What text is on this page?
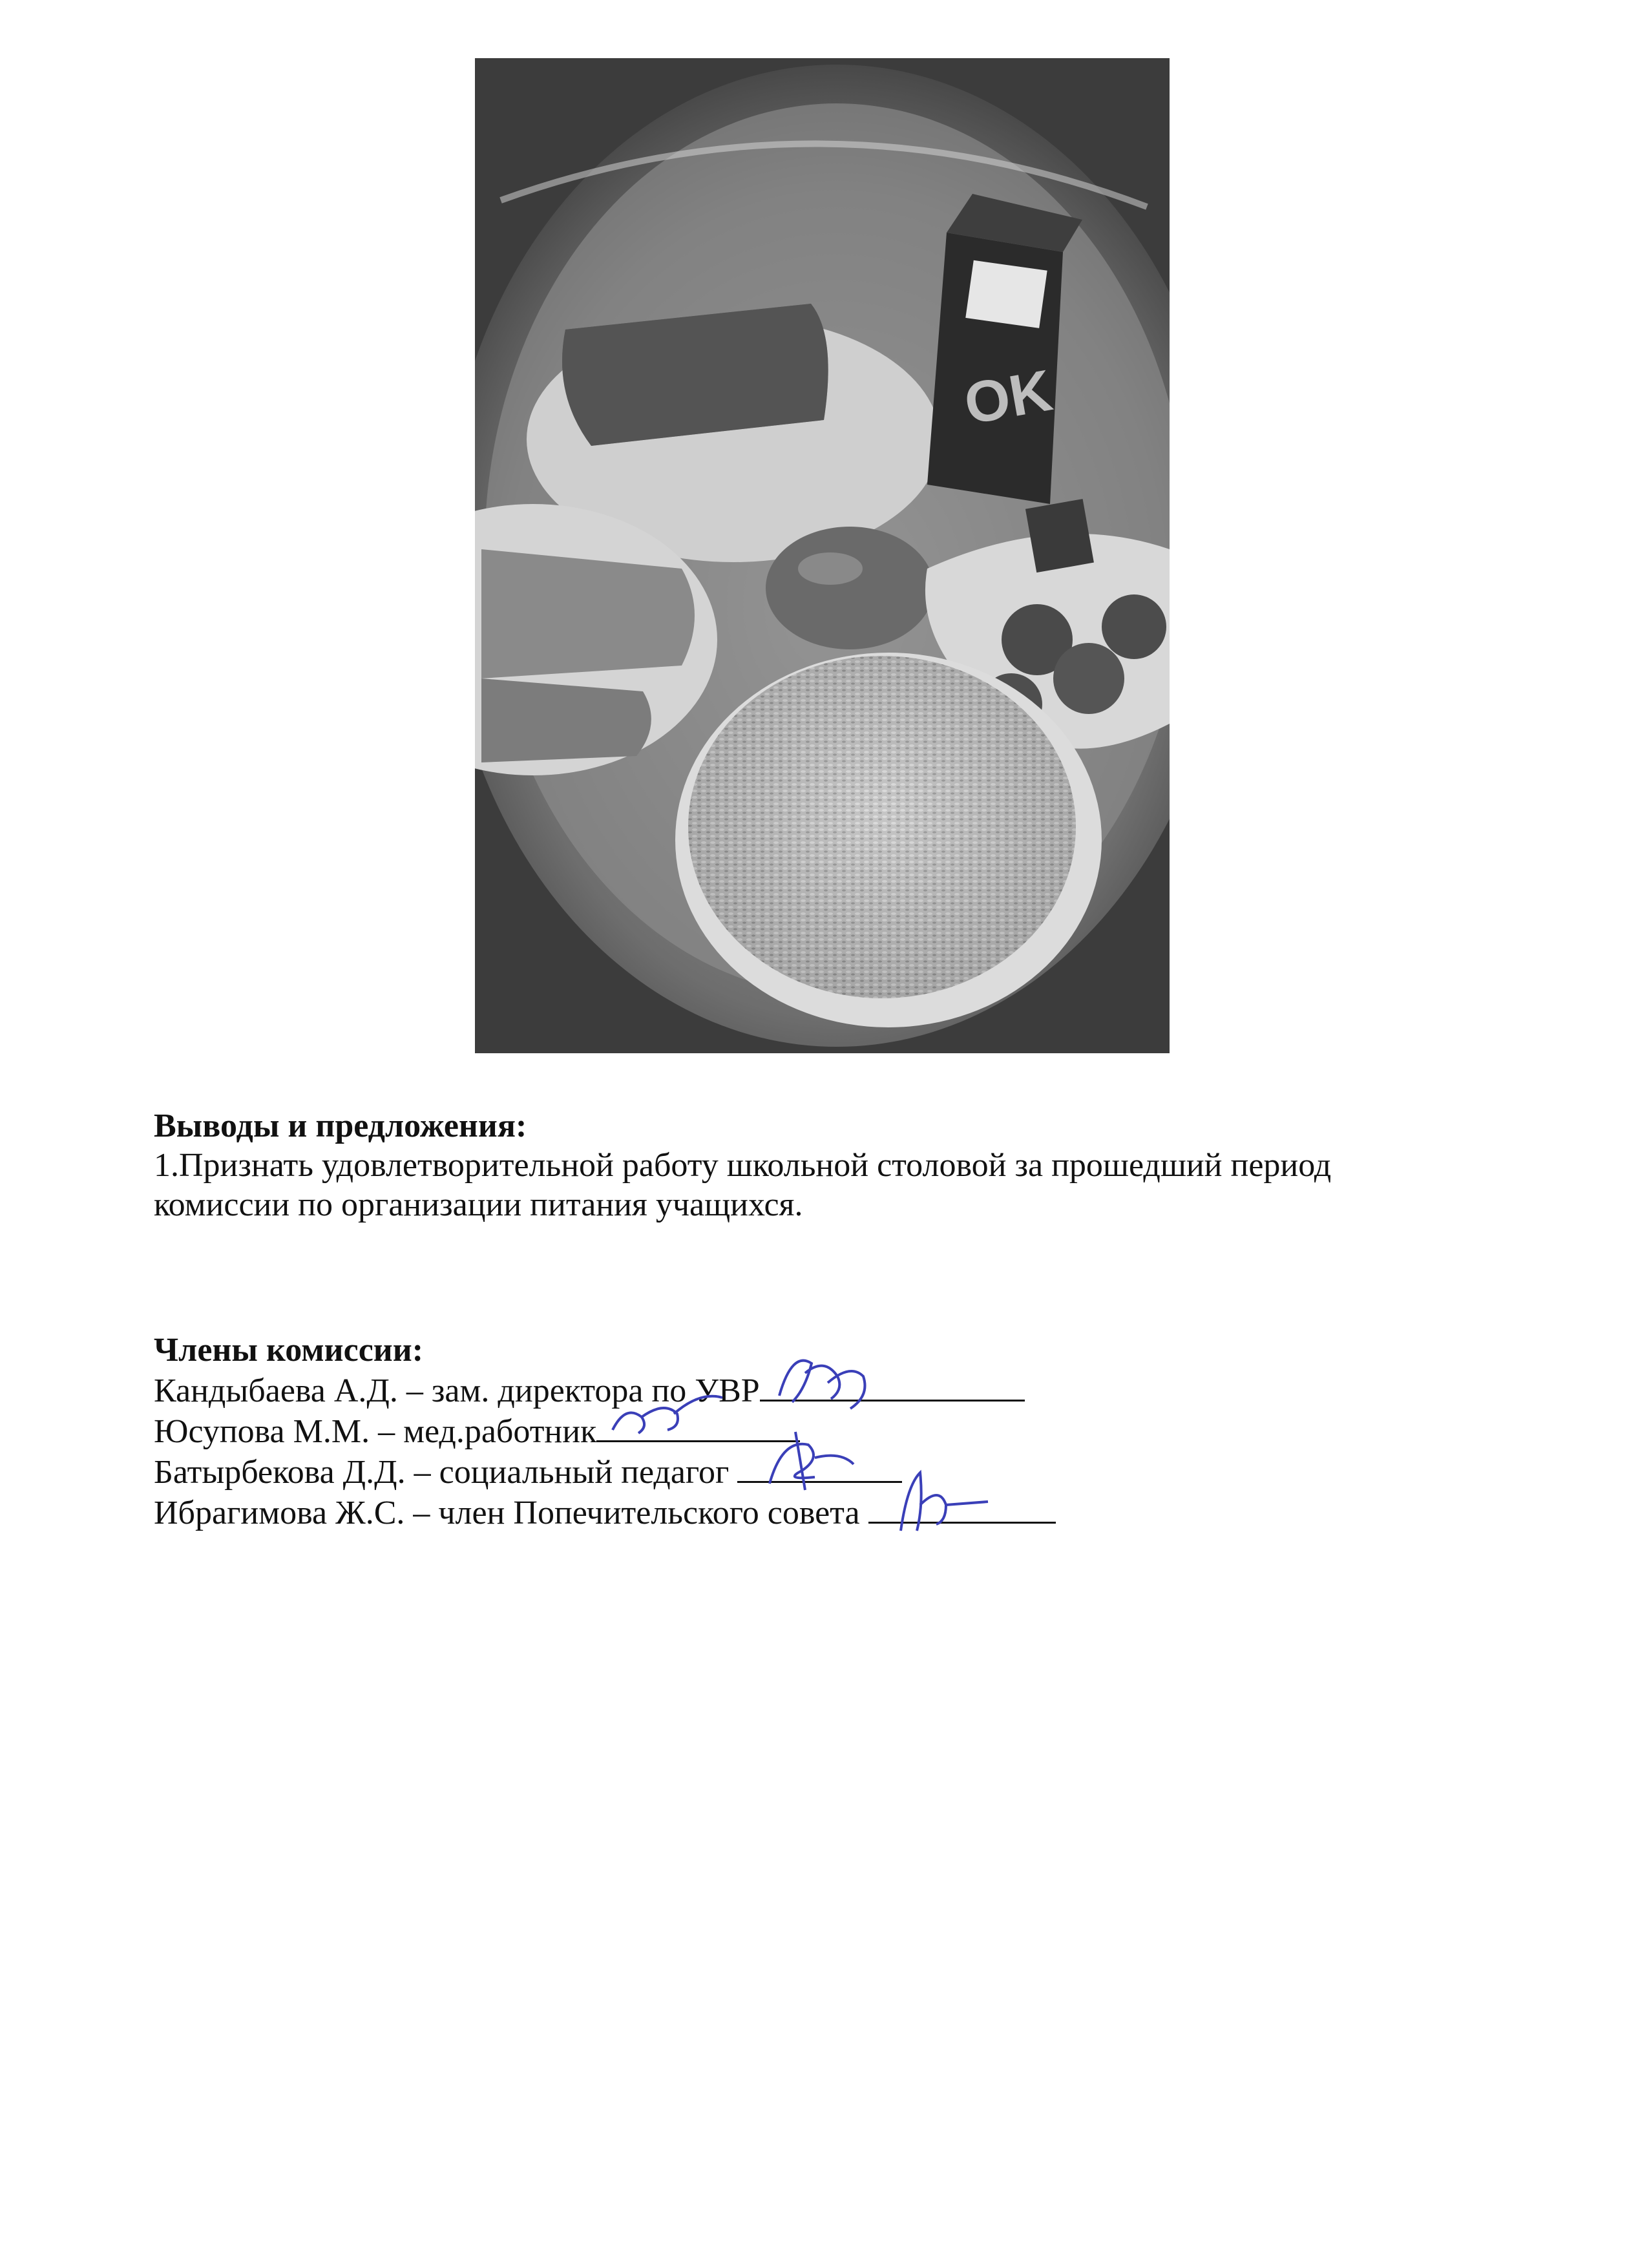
OK
Выводы и предложения:

1.Признать удовлетворительной работу школьной столовой за прошедший период

комиссии по организации питания учащихся.

Члены комиссии:
Кандыбаева А.Д. – зам. директора по УВР
Юсупова М.М. – мед.работник
Батырбекова Д.Д. – социальный педагог
Ибрагимова Ж.С. – член Попечительского совета
